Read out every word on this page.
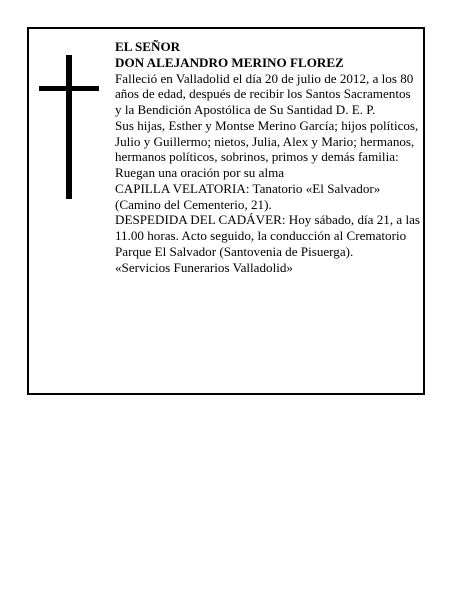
EL SEÑOR

DON ALEJANDRO MERINO FLOREZ

Falleció en Valladolid el día 20 de julio de 2012, a los 80 años de edad, después de recibir los Santos Sacramentos y la Bendición Apostólica de Su Santidad D. E. P.

Sus hijas, Esther y Montse Merino García; hijos políticos, Julio y Guillermo; nietos, Julia, Alex y Mario; hermanos, hermanos políticos, sobrinos, primos y demás familia:

Ruegan una oración por su alma

CAPILLA VELATORIA: Tanatorio «El Salvador» (Camino del Cementerio, 21).

DESPEDIDA DEL CADÁVER: Hoy sábado, día 21, a las 11.00 horas. Acto seguido, la conducción al Crematorio Parque El Salvador (Santovenia de Pisuerga).

«Servicios Funerarios Valladolid»
